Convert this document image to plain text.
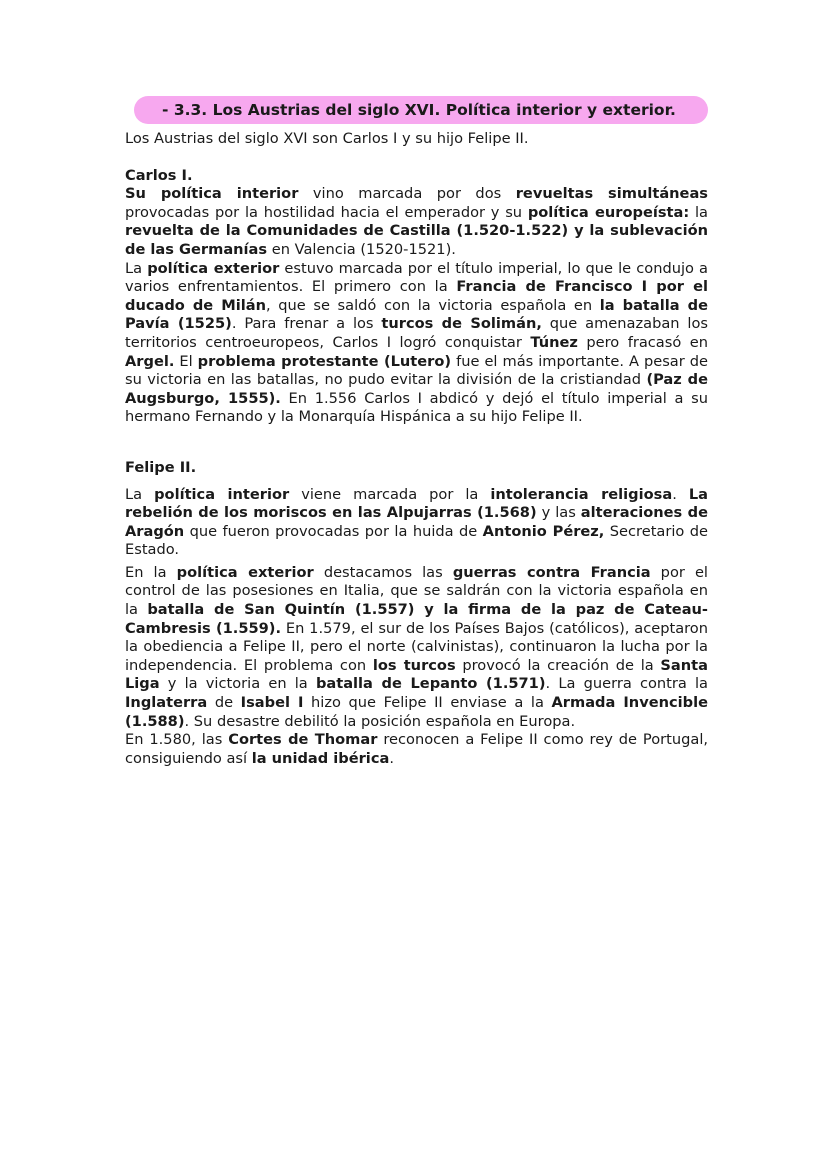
- 3.3. Los Austrias del siglo XVI. Política interior y exterior.

Los Austrias del siglo XVI son Carlos I y su hijo Felipe II.

Carlos I.

Su política interior vino marcada por dos revueltas simultáneas provocadas por la hostilidad hacia el emperador y su política europeísta: la revuelta de la Comunidades de Castilla (1.520-1.522) y la sublevación de las Germanías en Valencia (1520-1521).

La política exterior estuvo marcada por el título imperial, lo que le condujo a varios enfrentamientos. El primero con la Francia de Francisco I por el ducado de Milán, que se saldó con la victoria española en la batalla de Pavía (1525). Para frenar a los turcos de Solimán, que amenazaban los territorios centroeuropeos, Carlos I logró conquistar Túnez pero fracasó en Argel. El problema protestante (Lutero) fue el más importante. A pesar de su victoria en las batallas, no pudo evitar la división de la cristiandad (Paz de Augsburgo, 1555). En 1.556 Carlos I abdicó y dejó el título imperial a su hermano Fernando y la Monarquía Hispánica a su hijo Felipe II.

Felipe II.

La política interior viene marcada por la intolerancia religiosa. La rebelión de los moriscos en las Alpujarras (1.568) y las alteraciones de Aragón que fueron provocadas por la huida de Antonio Pérez, Secretario de Estado.

En la política exterior destacamos las guerras contra Francia por el control de las posesiones en Italia, que se saldrán con la victoria española en la batalla de San Quintín (1.557) y la firma de la paz de Cateau-Cambresis (1.559). En 1.579, el sur de los Países Bajos (católicos), aceptaron la obediencia a Felipe II, pero el norte (calvinistas), continuaron la lucha por la independencia. El problema con los turcos provocó la creación de la Santa Liga y la victoria en la batalla de Lepanto (1.571). La guerra contra la Inglaterra de Isabel I hizo que Felipe II enviase a la Armada Invencible (1.588). Su desastre debilitó la posición española en Europa.

En 1.580, las Cortes de Thomar reconocen a Felipe II como rey de Portugal, consiguiendo así la unidad ibérica.
